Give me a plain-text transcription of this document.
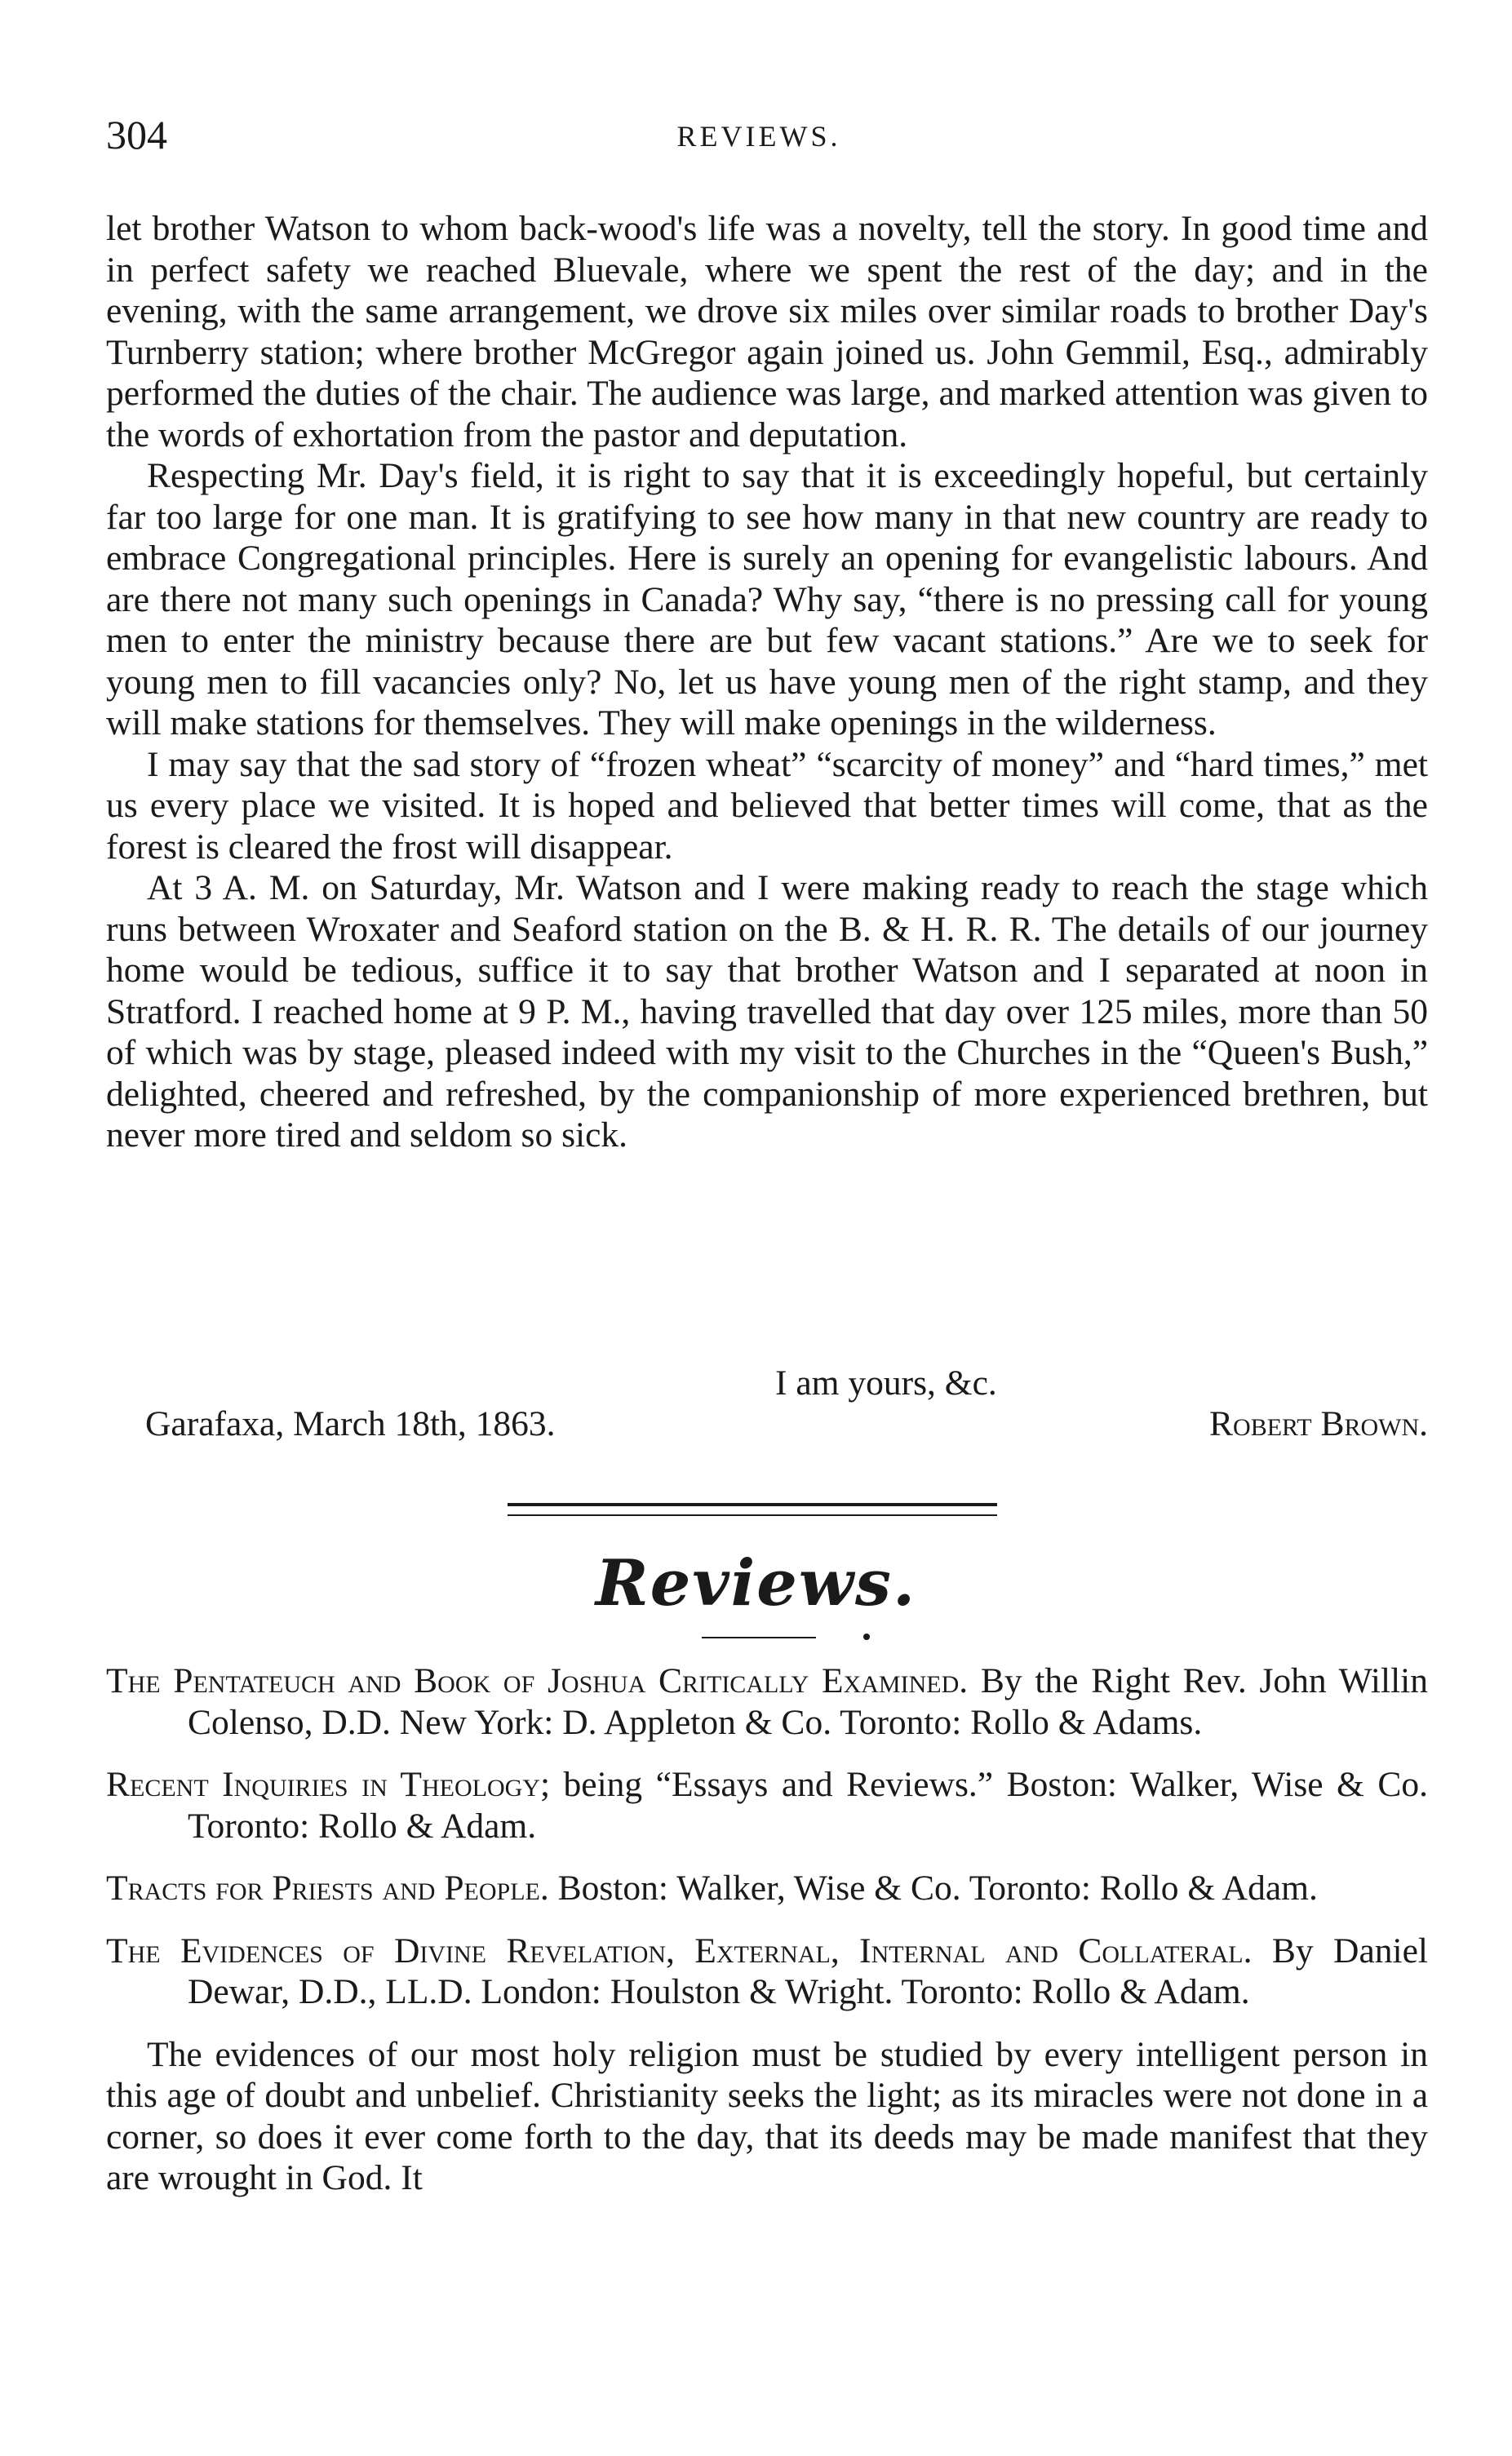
304	REVIEWS.

let brother Watson to whom back-wood's life was a novelty, tell the story. In good time and in perfect safety we reached Bluevale, where we spent the rest of the day; and in the evening, with the same arrangement, we drove six miles over similar roads to brother Day's Turnberry station; where brother McGregor again joined us. John Gemmil, Esq., admirably performed the duties of the chair. The audience was large, and marked attention was given to the words of exhortation from the pastor and deputation.

Respecting Mr. Day's field, it is right to say that it is exceedingly hopeful, but certainly far too large for one man. It is gratifying to see how many in that new country are ready to embrace Congregational principles. Here is surely an opening for evangelistic labours. And are there not many such openings in Canada? Why say, “there is no pressing call for young men to enter the ministry because there are but few vacant stations.” Are we to seek for young men to fill vacancies only? No, let us have young men of the right stamp, and they will make stations for themselves. They will make openings in the wilderness.

I may say that the sad story of “frozen wheat” “scarcity of money” and “hard times,” met us every place we visited. It is hoped and believed that better times will come, that as the forest is cleared the frost will disappear.

At 3 A. M. on Saturday, Mr. Watson and I were making ready to reach the stage which runs between Wroxater and Seaford station on the B. & H. R. R. The details of our journey home would be tedious, suffice it to say that brother Watson and I separated at noon in Stratford. I reached home at 9 P. M., having travelled that day over 125 miles, more than 50 of which was by stage, pleased indeed with my visit to the Churches in the “Queen's Bush,” delighted, cheered and refreshed, by the companionship of more experienced brethren, but never more tired and seldom so sick.

I am yours, &c.
Garafaxa, March 18th, 1863.	Robert Brown.
Reviews.

The Pentateuch and Book of Joshua Critically Examined. By the Right Rev. John Willin Colenso, D.D. New York: D. Appleton & Co. Toronto: Rollo & Adams.

Recent Inquiries in Theology; being “Essays and Reviews.” Boston: Walker, Wise & Co. Toronto: Rollo & Adam.

Tracts for Priests and People. Boston: Walker, Wise & Co. Toronto: Rollo & Adam.

The Evidences of Divine Revelation, External, Internal and Collateral. By Daniel Dewar, D.D., LL.D. London: Houlston & Wright. Toronto: Rollo & Adam.

The evidences of our most holy religion must be studied by every intelligent person in this age of doubt and unbelief. Christianity seeks the light; as its miracles were not done in a corner, so does it ever come forth to the day, that its deeds may be made manifest that they are wrought in God. It
